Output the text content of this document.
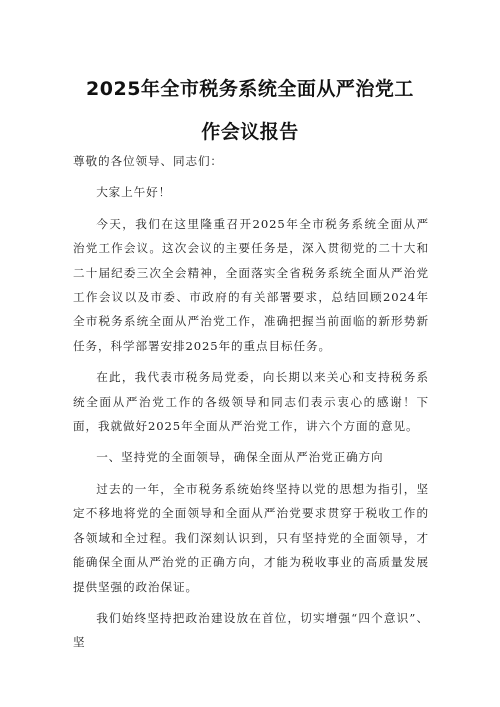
2025年全市税务系统全面从严治党工
作会议报告

尊敬的各位领导、同志们：

大家上午好！

今天，我们在这里隆重召开2025年全市税务系统全面从严治党工作会议。这次会议的主要任务是，深入贯彻党的二十大和二十届纪委三次全会精神，全面落实全省税务系统全面从严治党工作会议以及市委、市政府的有关部署要求，总结回顾2024年全市税务系统全面从严治党工作，准确把握当前面临的新形势新任务，科学部署安排2025年的重点目标任务。

在此，我代表市税务局党委，向长期以来关心和支持税务系统全面从严治党工作的各级领导和同志们表示衷心的感谢！下面，我就做好2025年全面从严治党工作，讲六个方面的意见。

一、坚持党的全面领导，确保全面从严治党正确方向

过去的一年，全市税务系统始终坚持以党的思想为指引，坚定不移地将党的全面领导和全面从严治党要求贯穿于税收工作的各领域和全过程。我们深刻认识到，只有坚持党的全面领导，才能确保全面从严治党的正确方向，才能为税收事业的高质量发展提供坚强的政治保证。

我们始终坚持把政治建设放在首位，切实增强“四个意识”、坚
